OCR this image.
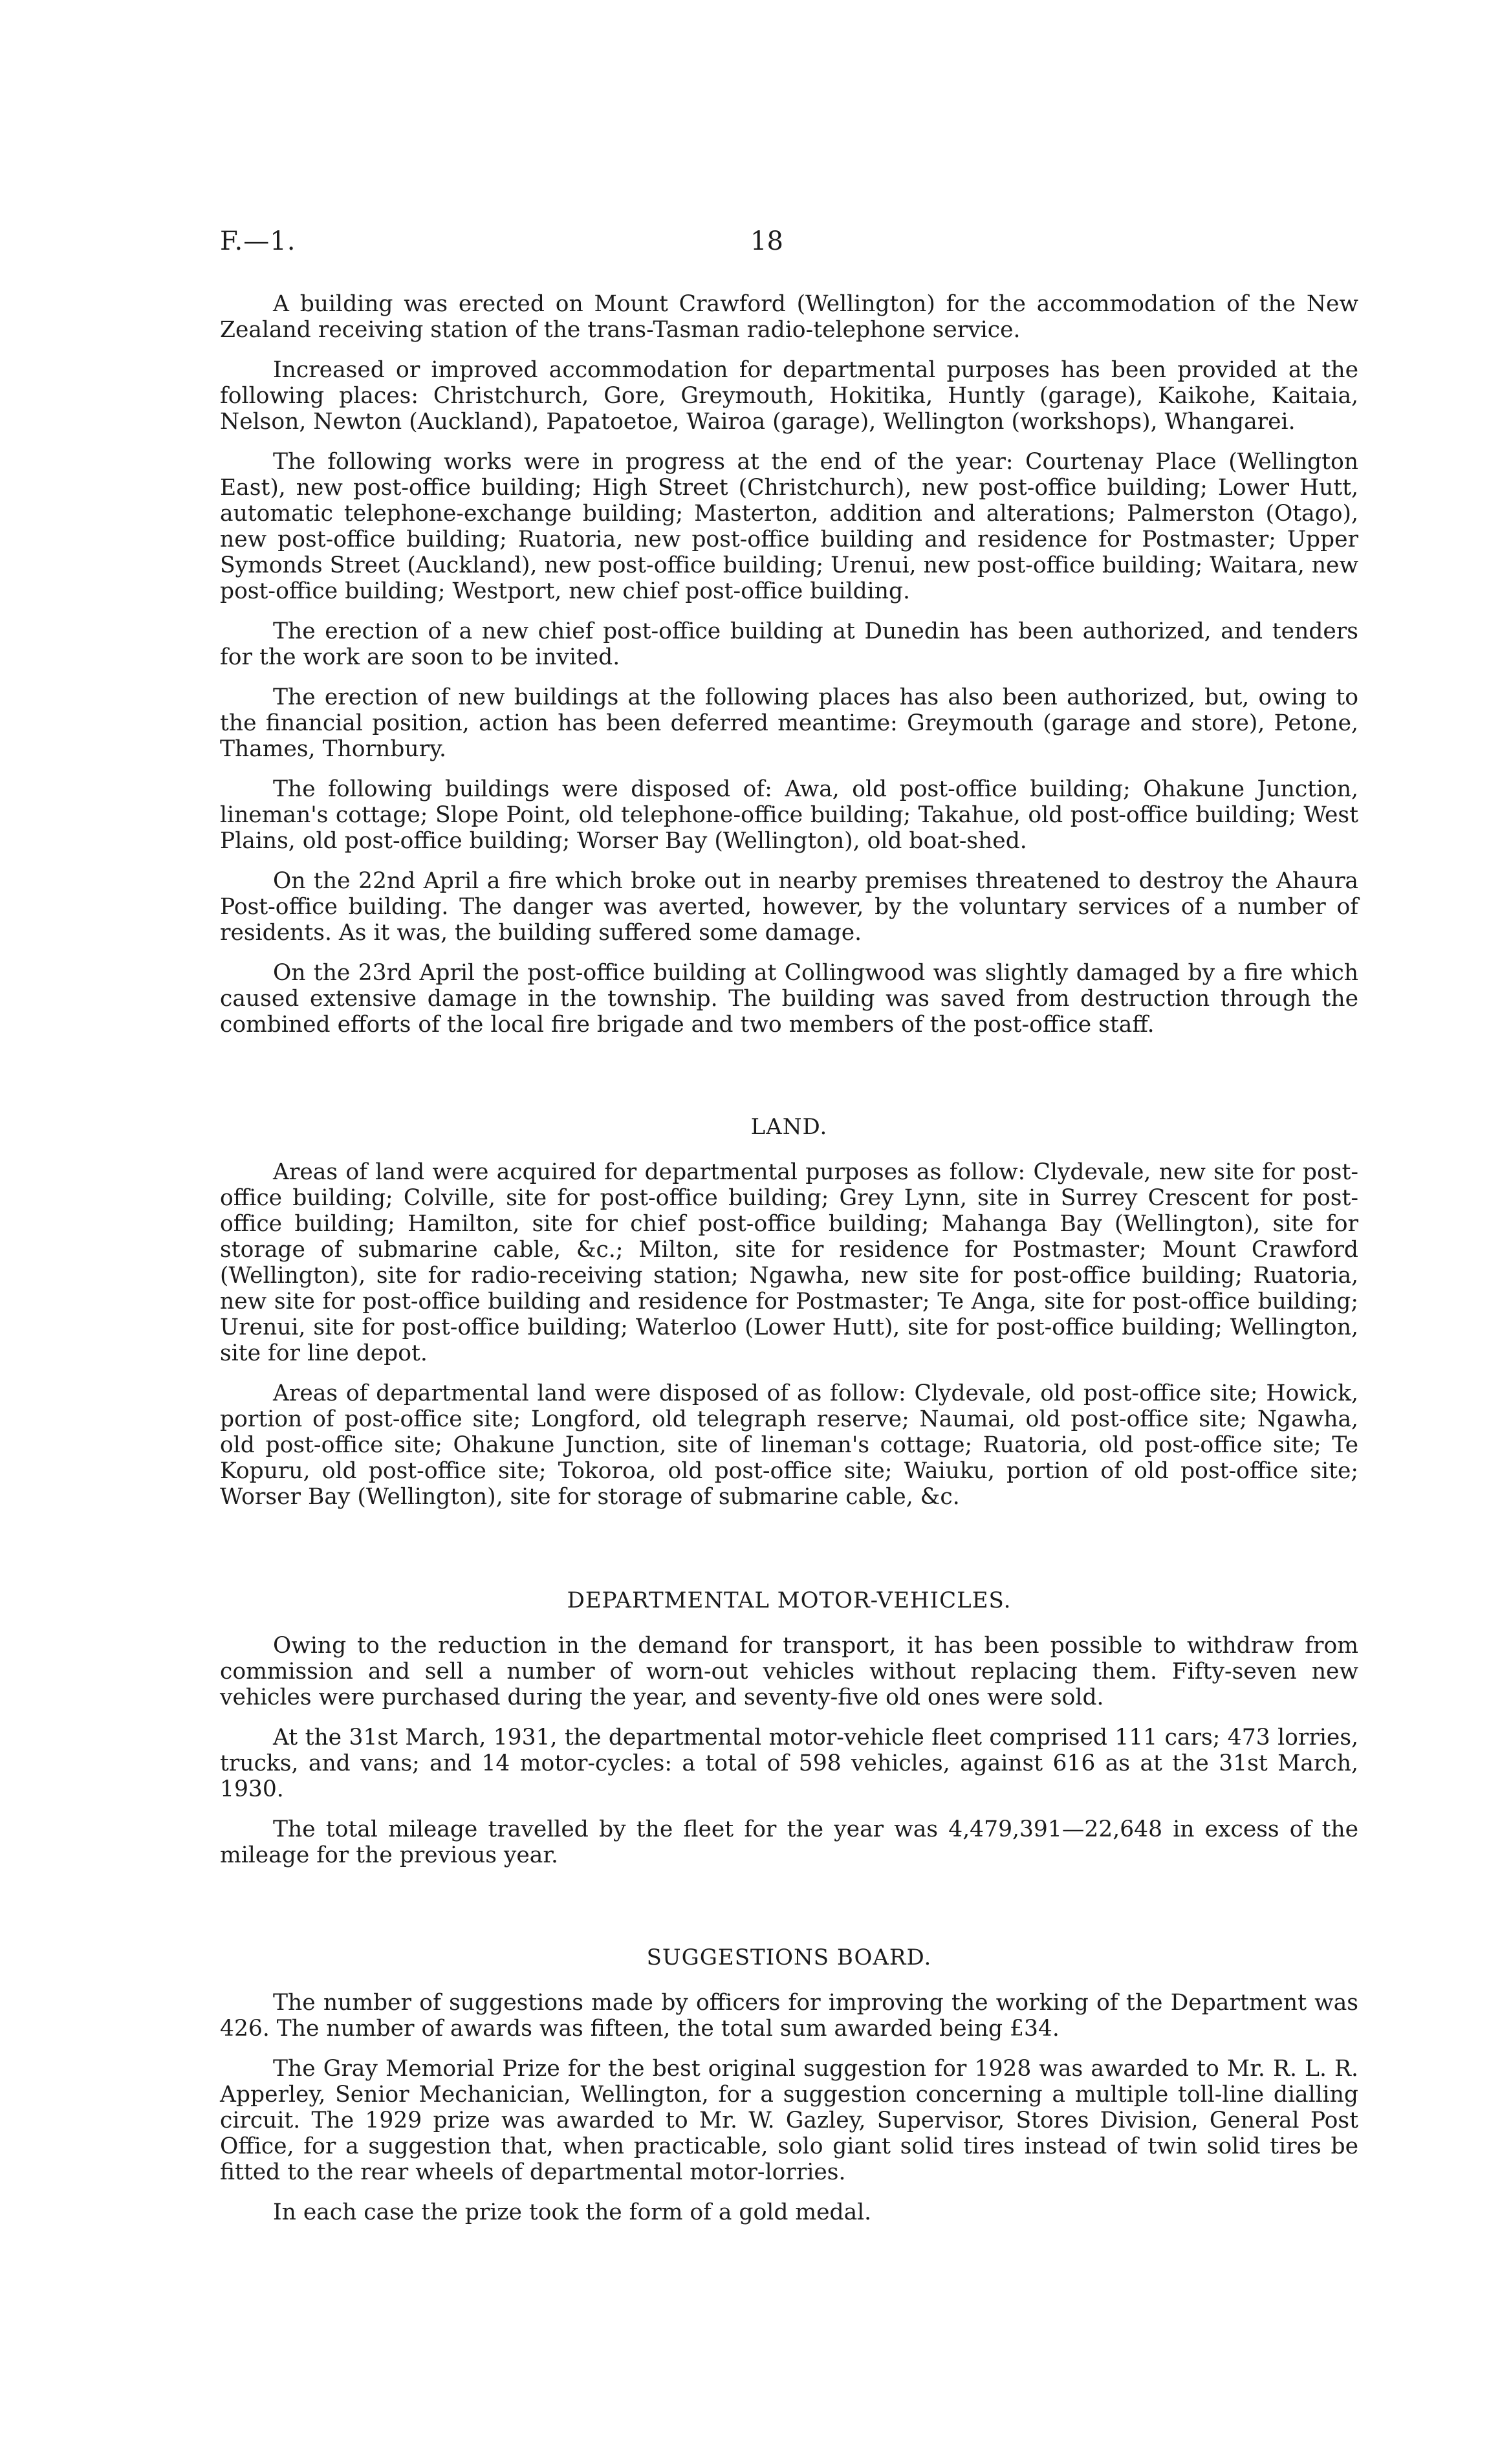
F.—1.	18

A building was erected on Mount Crawford (Wellington) for the accommodation of the New Zealand receiving station of the trans-Tasman radio-telephone service.

Increased or improved accommodation for departmental purposes has been provided at the following places: Christchurch, Gore, Greymouth, Hokitika, Huntly (garage), Kaikohe, Kaitaia, Nelson, Newton (Auckland), Papatoetoe, Wairoa (garage), Wellington (workshops), Whangarei.

The following works were in progress at the end of the year: Courtenay Place (Wellington East), new post-office building; High Street (Christchurch), new post-office building; Lower Hutt, automatic telephone-exchange building; Masterton, addition and alterations; Palmerston (Otago), new post-office building; Ruatoria, new post-office building and residence for Postmaster; Upper Symonds Street (Auckland), new post-office building; Urenui, new post-office building; Waitara, new post-office building; Westport, new chief post-office building.

The erection of a new chief post-office building at Dunedin has been authorized, and tenders for the work are soon to be invited.

The erection of new buildings at the following places has also been authorized, but, owing to the financial position, action has been deferred meantime: Greymouth (garage and store), Petone, Thames, Thornbury.

The following buildings were disposed of: Awa, old post-office building; Ohakune Junction, lineman's cottage; Slope Point, old telephone-office building; Takahue, old post-office building; West Plains, old post-office building; Worser Bay (Wellington), old boat-shed.

On the 22nd April a fire which broke out in nearby premises threatened to destroy the Ahaura Post-office building. The danger was averted, however, by the voluntary services of a number of residents. As it was, the building suffered some damage.

On the 23rd April the post-office building at Collingwood was slightly damaged by a fire which caused extensive damage in the township. The building was saved from destruction through the combined efforts of the local fire brigade and two members of the post-office staff.

LAND.

Areas of land were acquired for departmental purposes as follow: Clydevale, new site for post-office building; Colville, site for post-office building; Grey Lynn, site in Surrey Crescent for post-office building; Hamilton, site for chief post-office building; Mahanga Bay (Wellington), site for storage of submarine cable, &c.; Milton, site for residence for Postmaster; Mount Crawford (Wellington), site for radio-receiving station; Ngawha, new site for post-office building; Ruatoria, new site for post-office building and residence for Postmaster; Te Anga, site for post-office building; Urenui, site for post-office building; Waterloo (Lower Hutt), site for post-office building; Wellington, site for line depot.

Areas of departmental land were disposed of as follow: Clydevale, old post-office site; Howick, portion of post-office site; Longford, old telegraph reserve; Naumai, old post-office site; Ngawha, old post-office site; Ohakune Junction, site of lineman's cottage; Ruatoria, old post-office site; Te Kopuru, old post-office site; Tokoroa, old post-office site; Waiuku, portion of old post-office site; Worser Bay (Wellington), site for storage of submarine cable, &c.

DEPARTMENTAL MOTOR-VEHICLES.

Owing to the reduction in the demand for transport, it has been possible to withdraw from commission and sell a number of worn-out vehicles without replacing them. Fifty-seven new vehicles were purchased during the year, and seventy-five old ones were sold.

At the 31st March, 1931, the departmental motor-vehicle fleet comprised 111 cars; 473 lorries, trucks, and vans; and 14 motor-cycles: a total of 598 vehicles, against 616 as at the 31st March, 1930.

The total mileage travelled by the fleet for the year was 4,479,391—22,648 in excess of the mileage for the previous year.

SUGGESTIONS BOARD.

The number of suggestions made by officers for improving the working of the Department was 426. The number of awards was fifteen, the total sum awarded being £34.

The Gray Memorial Prize for the best original suggestion for 1928 was awarded to Mr. R. L. R. Apperley, Senior Mechanician, Wellington, for a suggestion concerning a multiple toll-line dialling circuit. The 1929 prize was awarded to Mr. W. Gazley, Supervisor, Stores Division, General Post Office, for a suggestion that, when practicable, solo giant solid tires instead of twin solid tires be fitted to the rear wheels of departmental motor-lorries.

In each case the prize took the form of a gold medal.
